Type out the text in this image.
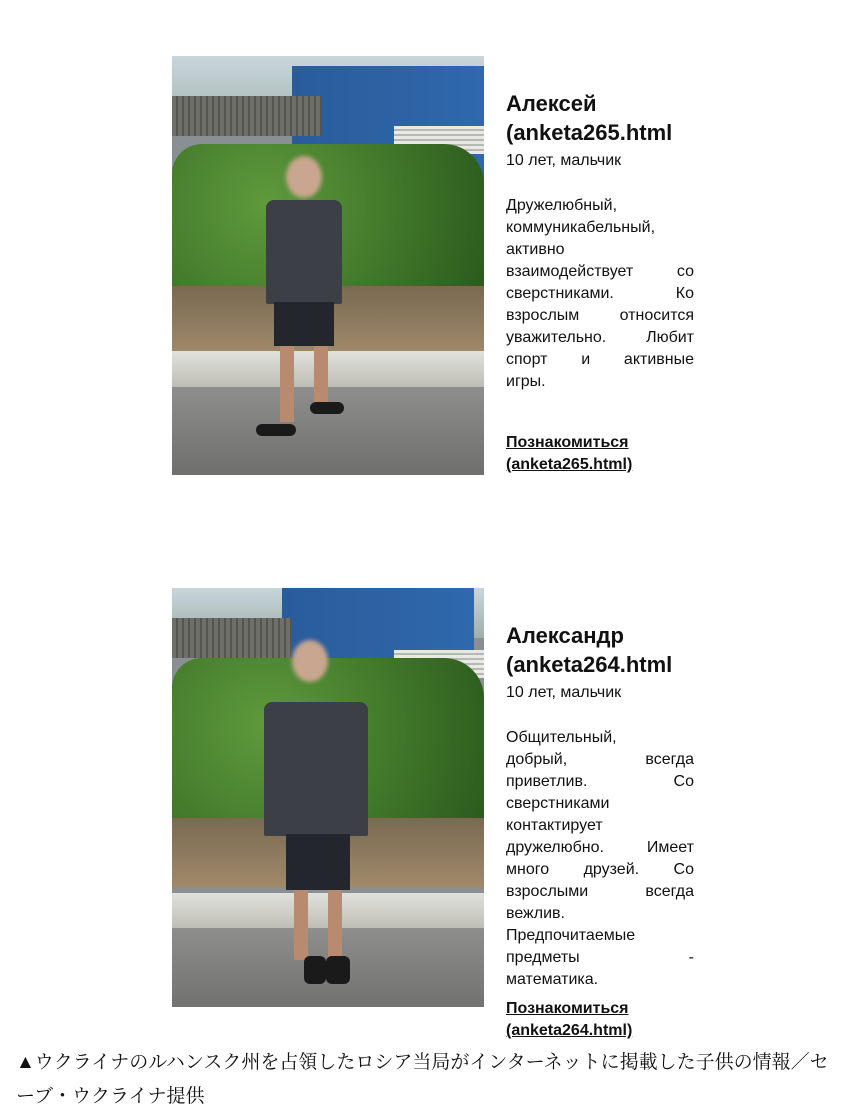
Алексей
(anketa265.html
10 лет, мальчик
Дружелюбный,
коммуникабельный,
активно
взаимодействует со
сверстниками. Ко
взрослым относится
уважительно. Любит
спорт и активные
игры.
Познакомиться
(anketa265.html)
Александр
(anketa264.html
10 лет, мальчик
Общительный,
добрый, всегда
приветлив. Со
сверстниками
контактирует
дружелюбно. Имеет
много друзей. Со
взрослыми всегда
вежлив.
Предпочитаемые
предметы -
математика.
Познакомиться
(anketa264.html)
▲ウクライナのルハンスク州を占領したロシア当局がインターネットに掲載した子供の情報／セーブ・ウクライナ提供
